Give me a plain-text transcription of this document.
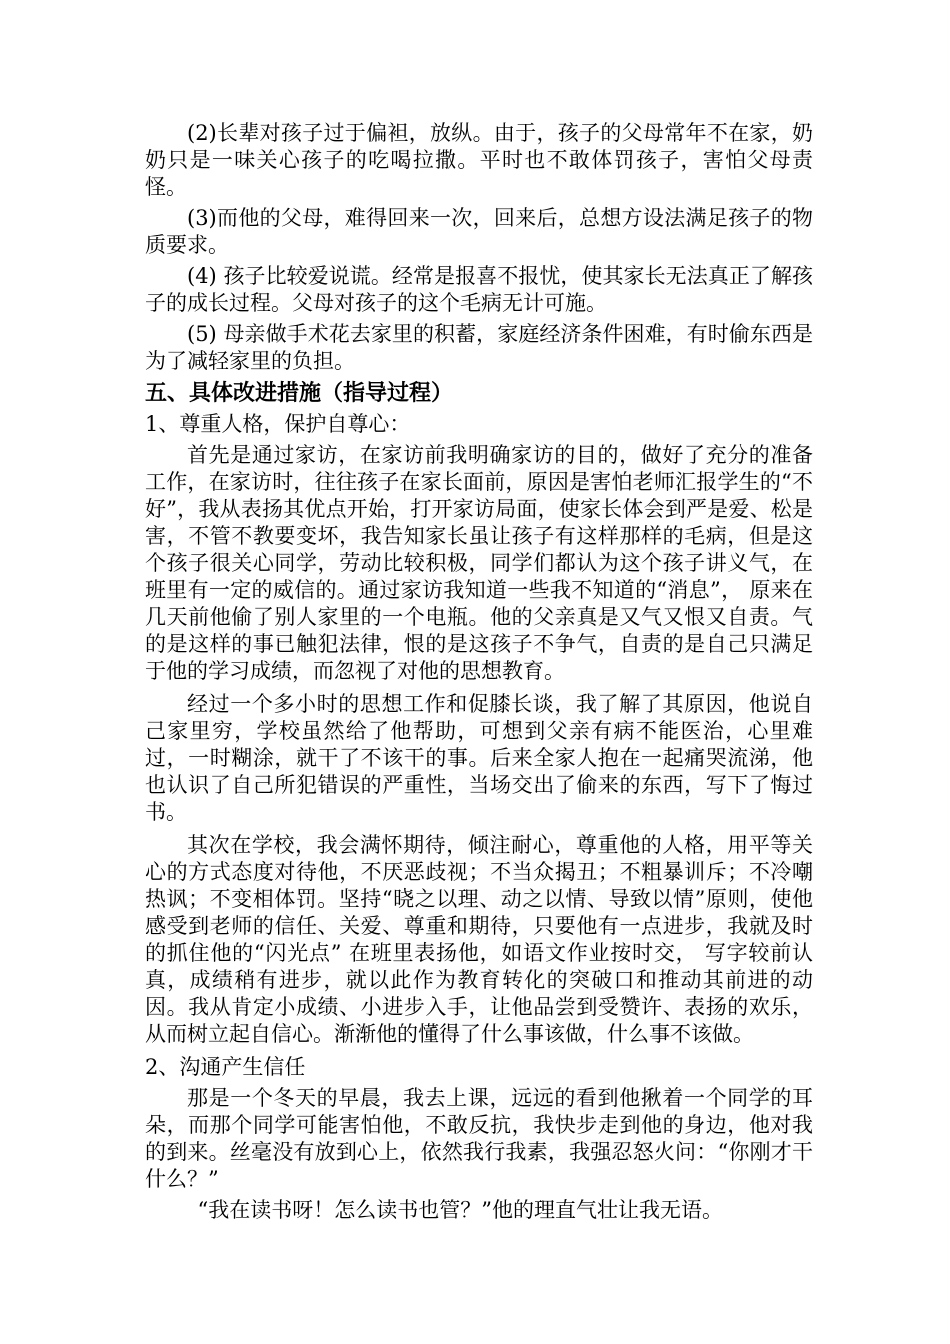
(2)长辈对孩子过于偏袒，放纵。由于，孩子的父母常年不在家，奶奶只是一味关心孩子的吃喝拉撒。平时也不敢体罚孩子，害怕父母责怪。

(3)而他的父母，难得回来一次，回来后，总想方设法满足孩子的物质要求。

(4) 孩子比较爱说谎。经常是报喜不报忧，使其家长无法真正了解孩子的成长过程。父母对孩子的这个毛病无计可施。

(5) 母亲做手术花去家里的积蓄，家庭经济条件困难，有时偷东西是为了减轻家里的负担。

五、具体改进措施（指导过程）

1、尊重人格，保护自尊心：

首先是通过家访，在家访前我明确家访的目的，做好了充分的准备工作，在家访时，往往孩子在家长面前，原因是害怕老师汇报学生的“不好”，我从表扬其优点开始，打开家访局面，使家长体会到严是爱、松是害，不管不教要变坏，我告知家长虽让孩子有这样那样的毛病，但是这个孩子很关心同学，劳动比较积极，同学们都认为这个孩子讲义气，在班里有一定的威信的。通过家访我知道一些我不知道的“消息”， 原来在几天前他偷了别人家里的一个电瓶。他的父亲真是又气又恨又自责。气的是这样的事已触犯法律，恨的是这孩子不争气，自责的是自己只满足于他的学习成绩，而忽视了对他的思想教育。

经过一个多小时的思想工作和促膝长谈，我了解了其原因，他说自己家里穷，学校虽然给了他帮助，可想到父亲有病不能医治，心里难过，一时糊涂，就干了不该干的事。后来全家人抱在一起痛哭流涕，他也认识了自己所犯错误的严重性，当场交出了偷来的东西，写下了悔过书。

其次在学校，我会满怀期待，倾注耐心，尊重他的人格，用平等关心的方式态度对待他，不厌恶歧视；不当众揭丑；不粗暴训斥；不冷嘲热讽；不变相体罚。坚持“晓之以理、动之以情、导致以情”原则，使他感受到老师的信任、关爱、尊重和期待，只要他有一点进步，我就及时的抓住他的“闪光点” 在班里表扬他，如语文作业按时交， 写字较前认真，成绩稍有进步，就以此作为教育转化的突破口和推动其前进的动因。我从肯定小成绩、小进步入手，让他品尝到受赞许、表扬的欢乐，从而树立起自信心。渐渐他的懂得了什么事该做，什么事不该做。

2、沟通产生信任

那是一个冬天的早晨，我去上课，远远的看到他揪着一个同学的耳朵，而那个同学可能害怕他，不敢反抗，我快步走到他的身边，他对我的到来。丝毫没有放到心上，依然我行我素，我强忍怒火问：“你刚才干什么？”

“我在读书呀！怎么读书也管？”他的理直气壮让我无语。
